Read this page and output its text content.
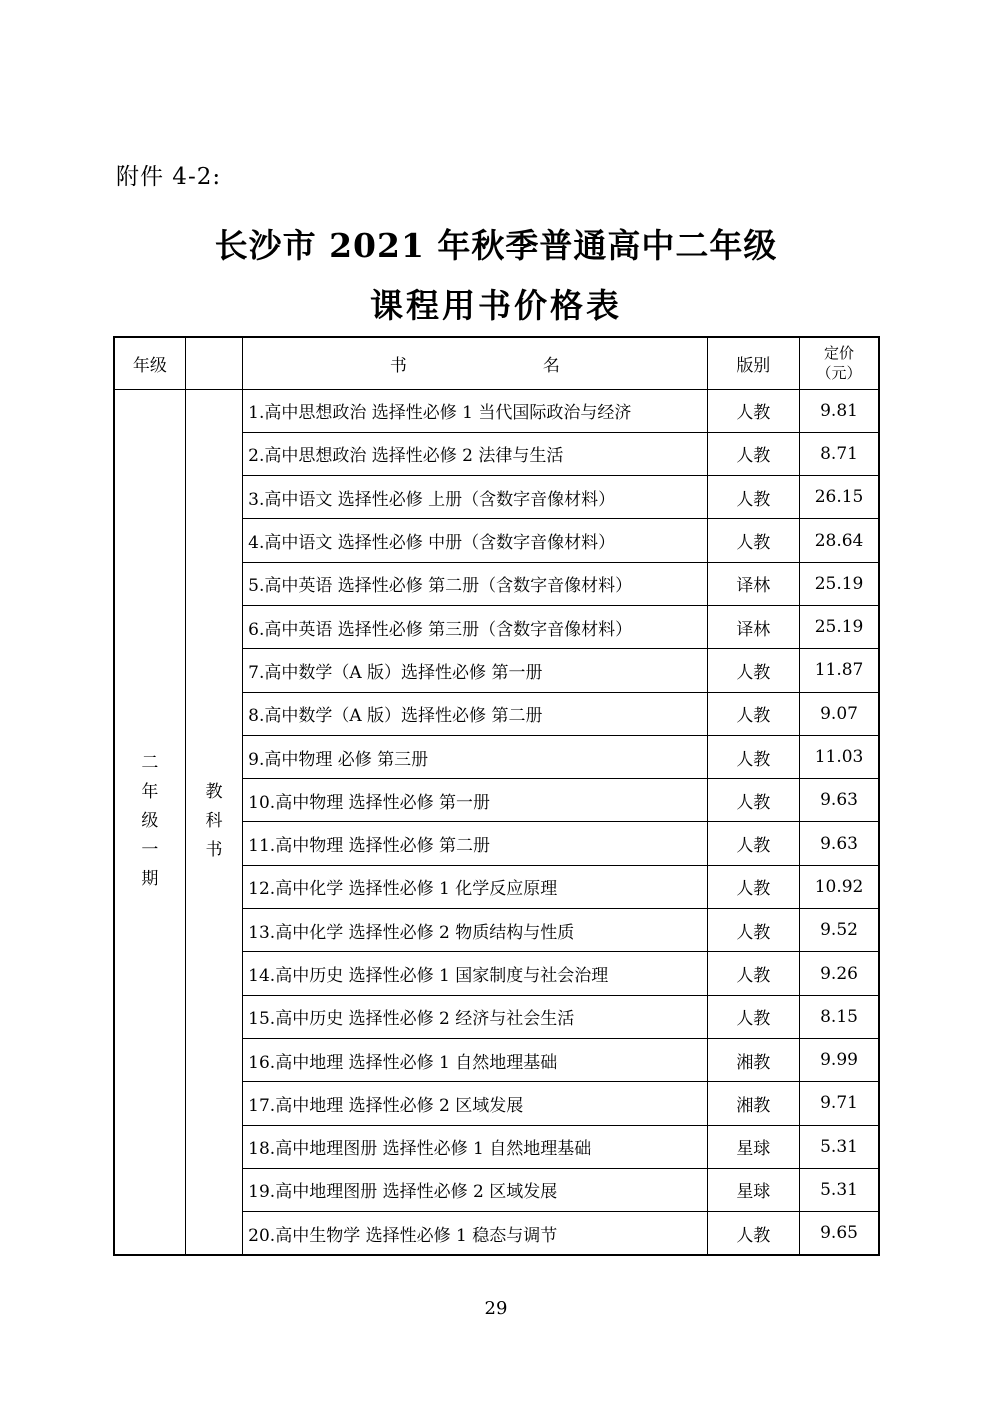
附件 4-2:
长沙市 2021 年秋季普通高中二年级
课程用书价格表
年级		书 名	版别	定价
（元）

二年级一期	教科书	1.高中思想政治 选择性必修 1 当代国际政治与经济	人教	9.81
		2.高中思想政治 选择性必修 2 法律与生活	人教	8.71
		3.高中语文 选择性必修 上册（含数字音像材料）	人教	26.15
		4.高中语文 选择性必修 中册（含数字音像材料）	人教	28.64
		5.高中英语 选择性必修 第二册（含数字音像材料）	译林	25.19
		6.高中英语 选择性必修 第三册（含数字音像材料）	译林	25.19
		7.高中数学（A 版）选择性必修 第一册	人教	11.87
		8.高中数学（A 版）选择性必修 第二册	人教	9.07
		9.高中物理 必修 第三册	人教	11.03
		10.高中物理 选择性必修 第一册	人教	9.63
		11.高中物理 选择性必修 第二册	人教	9.63
		12.高中化学 选择性必修 1 化学反应原理	人教	10.92
		13.高中化学 选择性必修 2 物质结构与性质	人教	9.52
		14.高中历史 选择性必修 1 国家制度与社会治理	人教	9.26
		15.高中历史 选择性必修 2 经济与社会生活	人教	8.15
		16.高中地理 选择性必修 1 自然地理基础	湘教	9.99
		17.高中地理 选择性必修 2 区域发展	湘教	9.71
		18.高中地理图册 选择性必修 1 自然地理基础	星球	5.31
		19.高中地理图册 选择性必修 2 区域发展	星球	5.31
		20.高中生物学 选择性必修 1 稳态与调节	人教	9.65
29
